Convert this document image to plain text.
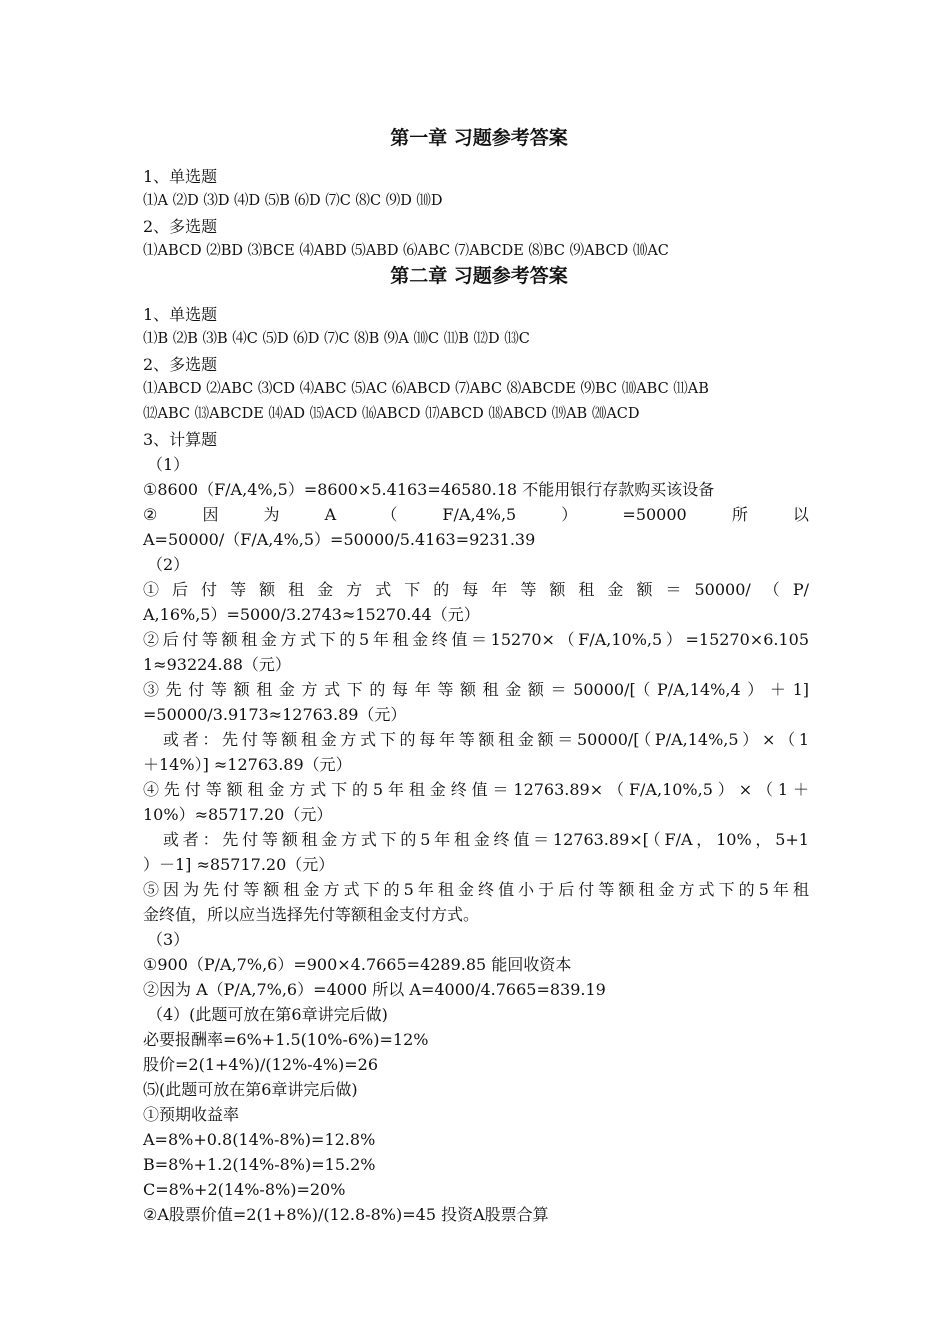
第一章 习题参考答案
1、单选题
⑴A ⑵D ⑶D ⑷D ⑸B ⑹D ⑺C ⑻C ⑼D ⑽D
2、多选题
⑴ABCD ⑵BD ⑶BCE ⑷ABD ⑸ABD ⑹ABC ⑺ABCDE ⑻BC ⑼ABCD ⑽AC
第二章 习题参考答案
1、单选题
⑴B ⑵B ⑶B ⑷C ⑸D ⑹D ⑺C ⑻B ⑼A ⑽C ⑾B ⑿D ⒀C
2、多选题
⑴ABCD ⑵ABC ⑶CD ⑷ABC ⑸AC ⑹ABCD ⑺ABC ⑻ABCDE ⑼BC ⑽ABC ⑾AB
⑿ABC ⒀ABCDE ⒁AD ⒂ACD ⒃ABCD ⒄ABCD ⒅ABCD ⒆AB ⒇ACD
3、计算题
（1）
①8600（F/A,4%,5）=8600×5.4163=46580.18 不能用银行存款购买该设备
②	因	为	A	（	F/A,4%,5	）	=50000	所	以
A=50000/（F/A,4%,5）=50000/5.4163=9231.39
（2）
①后付等额租金方式下的每年等额租金额＝50000/（P/
A,16%,5）=5000/3.2743≈15270.44（元）
②后付等额租金方式下的5年租金终值＝15270×（F/A,10%,5）=15270×6.105
1≈93224.88（元）
③先付等额租金方式下的每年等额租金额＝50000/[（P/A,14%,4）＋1]
=50000/3.9173≈12763.89（元）
或者：先付等额租金方式下的每年等额租金额＝50000/[（P/A,14%,5）×（1
＋14%）] ≈12763.89（元）
④先付等额租金方式下的5年租金终值＝12763.89×（F/A,10%,5）×（1＋
10%）≈85717.20（元）
或者：先付等额租金方式下的5年租金终值＝12763.89×[（F/A，10%，5+1
）－1] ≈85717.20（元）
⑤因为先付等额租金方式下的5年租金终值小于后付等额租金方式下的5年租
金终值，所以应当选择先付等额租金支付方式。
（3）
①900（P/A,7%,6）=900×4.7665=4289.85 能回收资本
②因为 A（P/A,7%,6）=4000 所以 A=4000/4.7665=839.19
（4）(此题可放在第6章讲完后做)
必要报酬率=6%+1.5(10%-6%)=12%
股价=2(1+4%)/(12%-4%)=26
⑸(此题可放在第6章讲完后做)
①预期收益率
A=8%+0.8(14%-8%)=12.8%
B=8%+1.2(14%-8%)=15.2%
C=8%+2(14%-8%)=20%
②A股票价值=2(1+8%)/(12.8-8%)=45 投资A股票合算
